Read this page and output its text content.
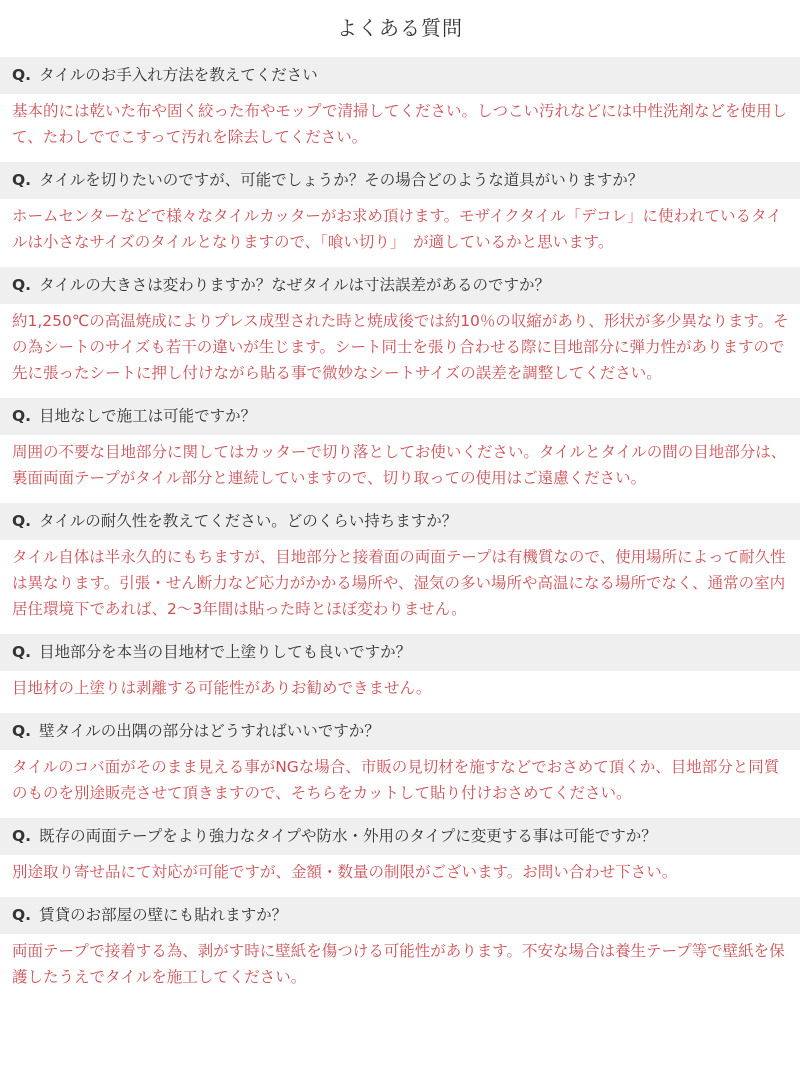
よくある質問
Q. タイルのお手入れ方法を教えてください
基本的には乾いた布や固く絞った布やモップで清掃してください。しつこい汚れなどには中性洗剤などを使用して、たわしででこすって汚れを除去してください。
Q. タイルを切りたいのですが、可能でしょうか？その場合どのような道具がいりますか？
ホームセンターなどで様々なタイルカッターがお求め頂けます。モザイクタイル「デコレ」に使われているタイルは小さなサイズのタイルとなりますので、「喰い切り」　が適しているかと思います。
Q. タイルの大きさは変わりますか？なぜタイルは寸法誤差があるのですか？
約1,250℃の高温焼成によりプレス成型された時と焼成後では約10％の収縮があり、形状が多少異なります。その為シートのサイズも若干の違いが生じます。シート同士を張り合わせる際に目地部分に弾力性がありますので先に張ったシートに押し付けながら貼る事で微妙なシートサイズの誤差を調整してください。
Q. 目地なしで施工は可能ですか？
周囲の不要な目地部分に関してはカッターで切り落としてお使いください。タイルとタイルの間の目地部分は、裏面両面テープがタイル部分と連続していますので、切り取っての使用はご遠慮ください。
Q. タイルの耐久性を教えてください。どのくらい持ちますか？
タイル自体は半永久的にもちますが、目地部分と接着面の両面テープは有機質なので、使用場所によって耐久性は異なります。引張・せん断力など応力がかかる場所や、湿気の多い場所や高温になる場所でなく、通常の室内居住環境下であれば、2〜3年間は貼った時とほぼ変わりません。
Q. 目地部分を本当の目地材で上塗りしても良いですか？
目地材の上塗りは剥離する可能性がありお勧めできません。
Q. 壁タイルの出隅の部分はどうすればいいですか？
タイルのコバ面がそのまま見える事がNGな場合、市販の見切材を施すなどでおさめて頂くか、目地部分と同質のものを別途販売させて頂きますので、そちらをカットして貼り付けおさめてください。
Q. 既存の両面テープをより強力なタイプや防水・外用のタイプに変更する事は可能ですか？
別途取り寄せ品にて対応が可能ですが、金額・数量の制限がございます。お問い合わせ下さい。
Q. 賃貸のお部屋の壁にも貼れますか？
両面テープで接着する為、剥がす時に壁紙を傷つける可能性があります。不安な場合は養生テープ等で壁紙を保護したうえでタイルを施工してください。
